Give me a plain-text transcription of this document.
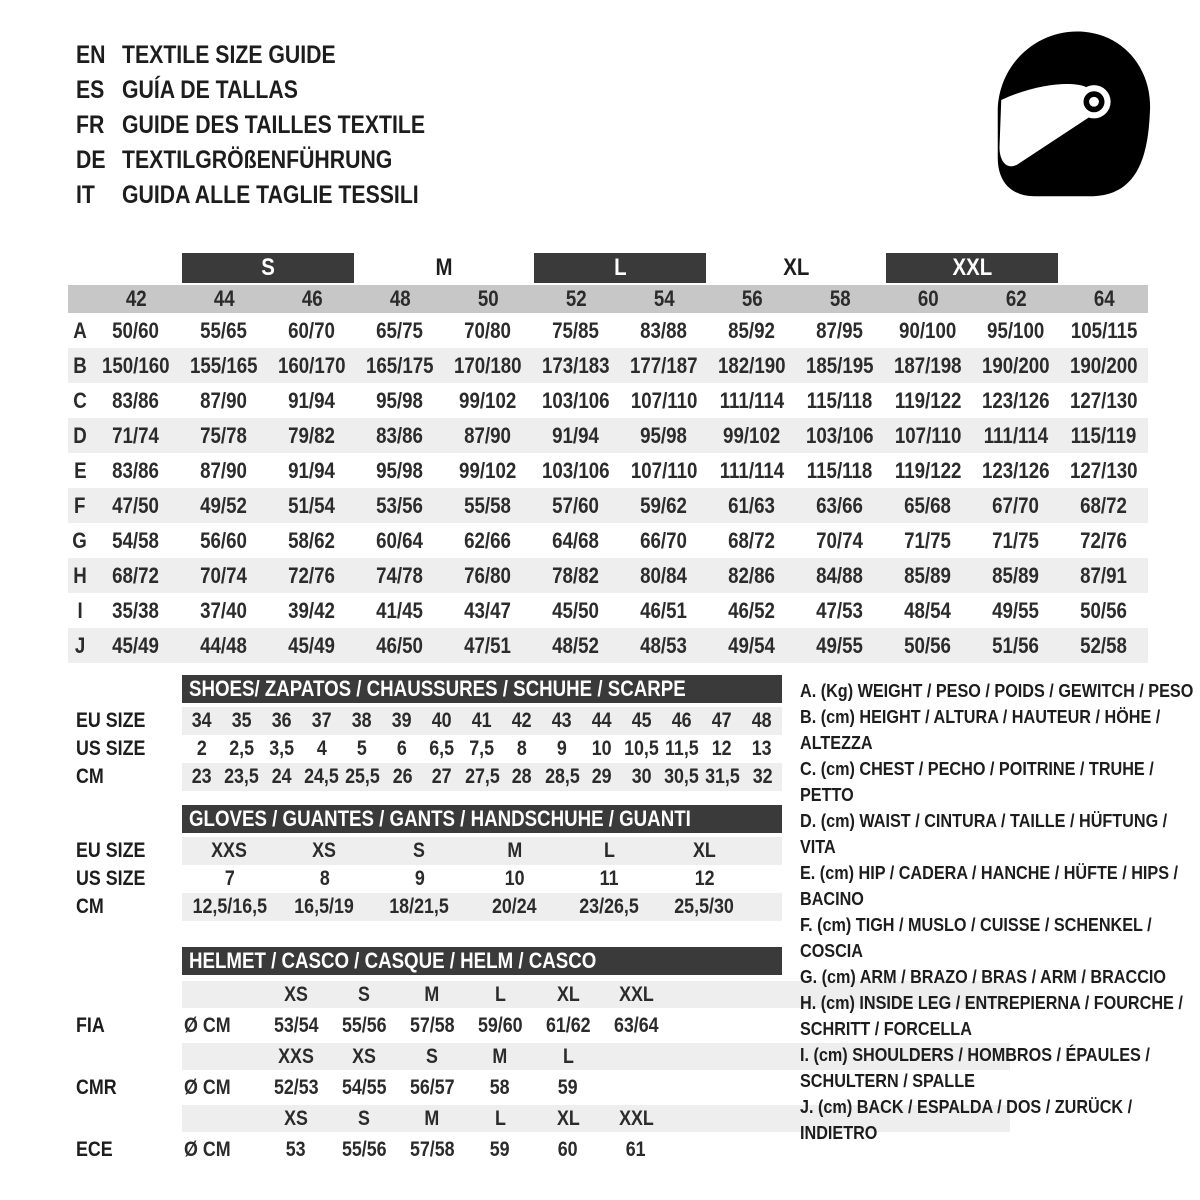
EN TEXTILE SIZE GUIDE
ES GUÍA DE TALLAS
FR GUIDE DES TAILLES TEXTILE
DE TEXTILGRÖßENFÜHRUNG
IT	GUIDA ALLE TAGLIE TESSILI
S	M	L	XL	XXL
42	44	46	48	50	52	54	56	58	60	62	64
A 50/60 55/65 60/70 65/75 70/80 75/85 83/88 85/92 87/95 90/100 95/100 105/115
B 150/160 155/165 160/170 165/175 170/180 173/183 177/187 182/190 185/195 187/198 190/200 190/200
C 83/86 87/90 91/94 95/98 99/102 103/106 107/110 111/114 115/118 119/122 123/126 127/130
D 71/74 75/78 79/82 83/86 87/90 91/94 95/98 99/102 103/106 107/110 111/114 115/119
E 83/86 87/90 91/94 95/98 99/102 103/106 107/110 111/114 115/118 119/122 123/126 127/130
F 47/50 49/52 51/54 53/56 55/58 57/60 59/62 61/63 63/66 65/68 67/70 68/72
G 54/58 56/60 58/62 60/64 62/66 64/68 66/70 68/72 70/74 71/75 71/75 72/76
H 68/72 70/74 72/76 74/78 76/80 78/82 80/84 82/86 84/88 85/89 85/89 87/91
I 35/38 37/40 39/42 41/45 43/47 45/50 46/51 46/52 47/53 48/54 49/55 50/56
J 45/49 44/48 45/49 46/50 47/51 48/52 48/53 49/54 49/55 50/56 51/56 52/58
SHOES/ ZAPATOS / CHAUSSURES / SCHUHE / SCARPE
EU SIZE	34 35 36 37 38 39 40 41 42 43 44 45 46 47 48
US SIZE	2 2,5 3,5 4 5 6 6,5 7,5 8 9 10 10,5 11,5 12 13
CM	23 23,5 24 24,5 25,5 26 27 27,5 28 28,5 29 30 30,5 31,5 32
GLOVES / GUANTES / GANTS / HANDSCHUHE / GUANTI
EU SIZE	XXS	XS	S	M	L	XL
US SIZE	7	8	9	10	11	12
CM	12,5/16,5 16,5/19 18/21,5 20/24 23/26,5 25,5/30
HELMET / CASCO / CASQUE / HELM / CASCO
XS S	M	L XL XXL
FIA	Ø CM 53/54 55/56 57/58 59/60 61/62 63/64
XXS XS S	M	L
CMR	Ø CM 52/53 54/55 56/57 58 59
XS S	M	L XL XXL
ECE	Ø CM	53 55/56 57/58 59 60 61
A. (Kg) WEIGHT / PESO / POIDS / GEWITCH / PESO
B. (cm) HEIGHT / ALTURA / HAUTEUR / HÖHE / ALTEZZA
C. (cm) CHEST / PECHO / POITRINE / TRUHE / PETTO
D. (cm) WAIST / CINTURA / TAILLE / HÜFTUNG / VITA
E. (cm) HIP / CADERA / HANCHE / HÜFTE / HIPS / BACINO
F. (cm) TIGH / MUSLO / CUISSE / SCHENKEL / COSCIA
G. (cm) ARM / BRAZO / BRAS / ARM / BRACCIO
H. (cm) INSIDE LEG / ENTREPIERNA / FOURCHE / SCHRITT / FORCELLA
I. (cm) SHOULDERS / HOMBROS / ÉPAULES / SCHULTERN / SPALLE
J. (cm) BACK / ESPALDA / DOS / ZURÜCK / INDIETRO
